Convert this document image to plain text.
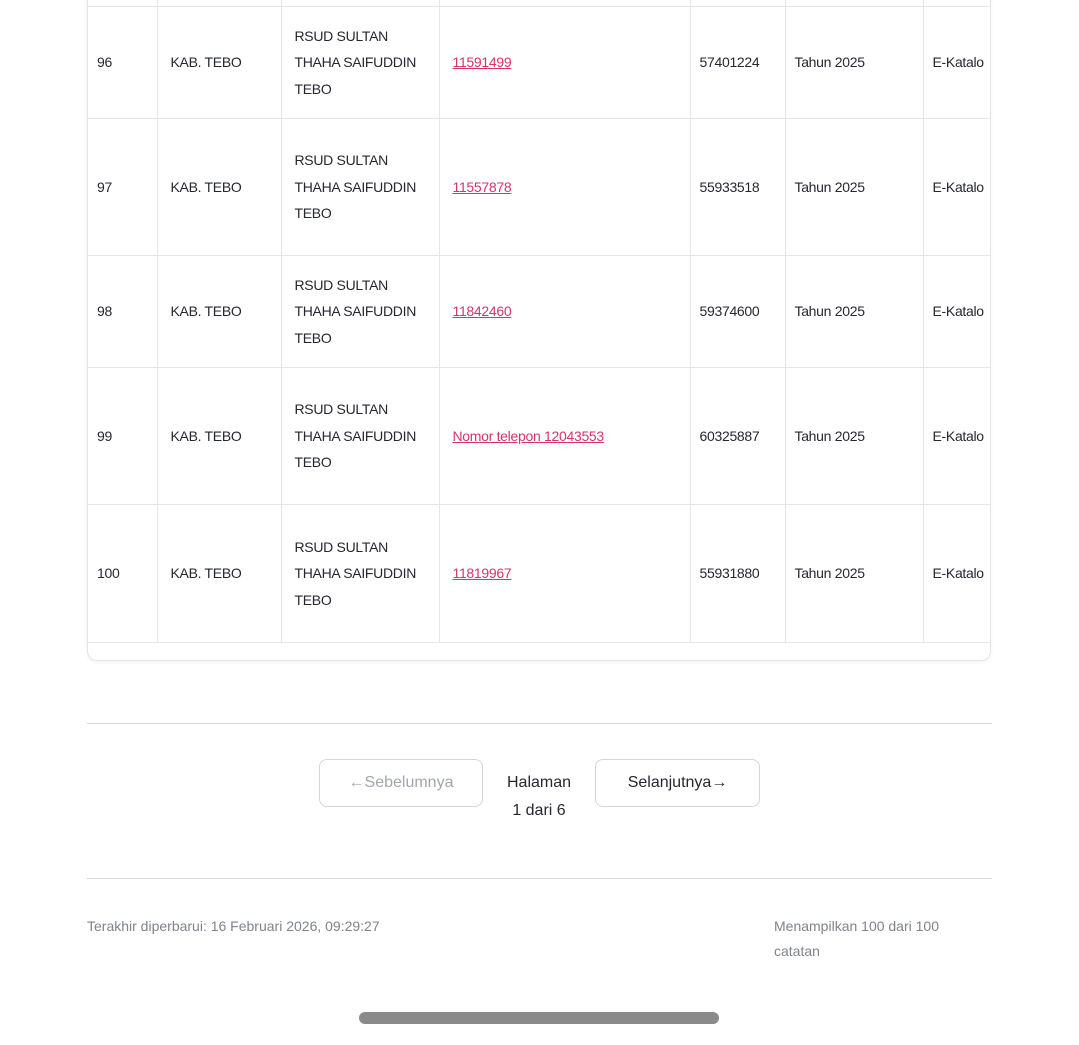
96	KAB. TEBO	RSUD SULTAN THAHA SAIFUDDIN TEBO	11591499	57401224	Tahun 2025	E-Katalo
97	KAB. TEBO	RSUD SULTAN THAHA SAIFUDDIN TEBO	11557878	55933518	Tahun 2025	E-Katalo
98	KAB. TEBO	RSUD SULTAN THAHA SAIFUDDIN TEBO	11842460	59374600	Tahun 2025	E-Katalo
99	KAB. TEBO	RSUD SULTAN THAHA SAIFUDDIN TEBO	Nomor telepon 12043553	60325887	Tahun 2025	E-Katalo
100	KAB. TEBO	RSUD SULTAN THAHA SAIFUDDIN TEBO	11819967	55931880	Tahun 2025	E-Katalo
← Sebelumnya	Halaman
1 dari 6
Selanjutnya →
Terakhir diperbarui: 16 Februari 2026, 09:29:27	Menampilkan 100 dari 100 catatan
